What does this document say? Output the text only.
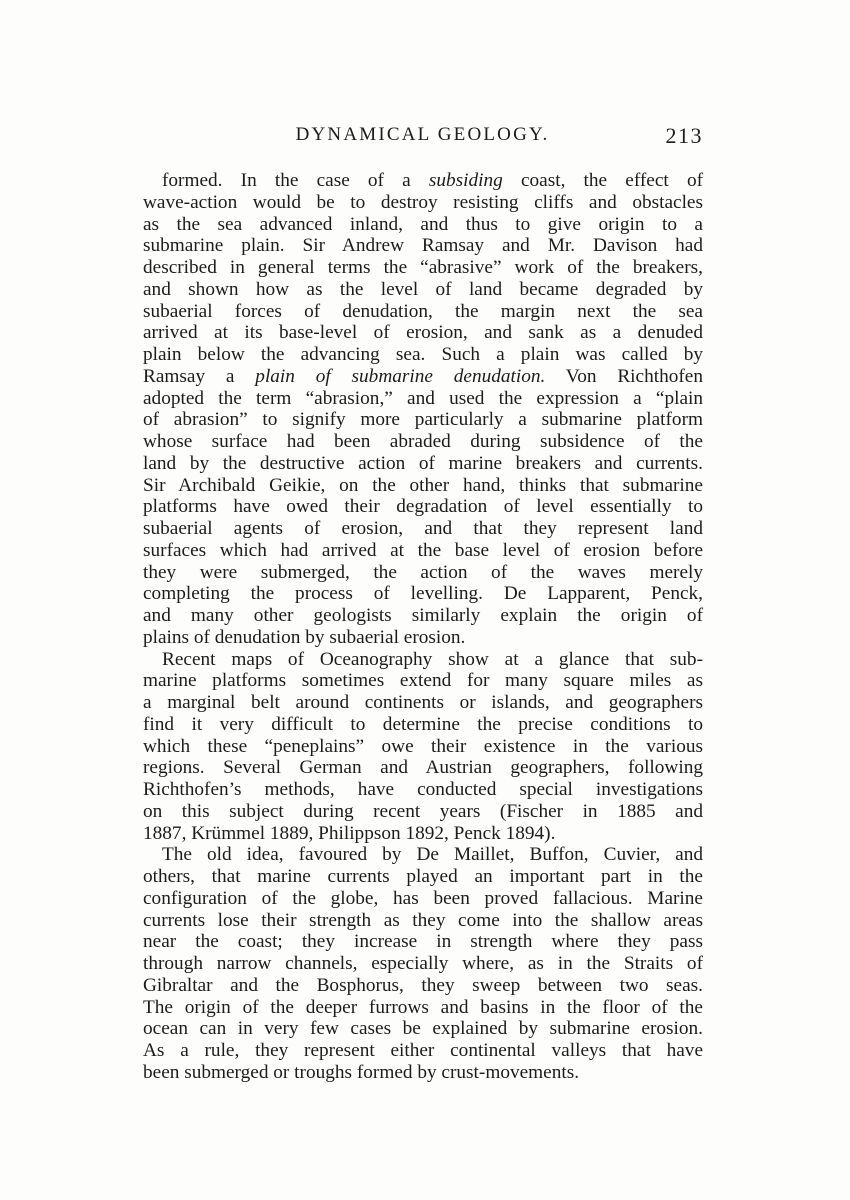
DYNAMICAL GEOLOGY.	213
formed. In the case of a subsiding coast, the effect of
wave-action would be to destroy resisting cliffs and obstacles
as the sea advanced inland, and thus to give origin to a
submarine plain. Sir Andrew Ramsay and Mr. Davison had
described in general terms the “abrasive” work of the breakers,
and shown how as the level of land became degraded by
subaerial forces of denudation, the margin next the sea
arrived at its base-level of erosion, and sank as a denuded
plain below the advancing sea. Such a plain was called by
Ramsay a plain of submarine denudation. Von Richthofen
adopted the term “abrasion,” and used the expression a “plain
of abrasion” to signify more particularly a submarine platform
whose surface had been abraded during subsidence of the
land by the destructive action of marine breakers and currents.
Sir Archibald Geikie, on the other hand, thinks that submarine
platforms have owed their degradation of level essentially to
subaerial agents of erosion, and that they represent land
surfaces which had arrived at the base level of erosion before
they were submerged, the action of the waves merely
completing the process of levelling. De Lapparent, Penck,
and many other geologists similarly explain the origin of
plains of denudation by subaerial erosion.
Recent maps of Oceanography show at a glance that sub-
marine platforms sometimes extend for many square miles as
a marginal belt around continents or islands, and geographers
find it very difficult to determine the precise conditions to
which these “peneplains” owe their existence in the various
regions. Several German and Austrian geographers, following
Richthofen’s methods, have conducted special investigations
on this subject during recent years (Fischer in 1885 and
1887, Krümmel 1889, Philippson 1892, Penck 1894).
The old idea, favoured by De Maillet, Buffon, Cuvier, and
others, that marine currents played an important part in the
configuration of the globe, has been proved fallacious. Marine
currents lose their strength as they come into the shallow areas
near the coast; they increase in strength where they pass
through narrow channels, especially where, as in the Straits of
Gibraltar and the Bosphorus, they sweep between two seas.
The origin of the deeper furrows and basins in the floor of the
ocean can in very few cases be explained by submarine erosion.
As a rule, they represent either continental valleys that have
been submerged or troughs formed by crust-movements.
